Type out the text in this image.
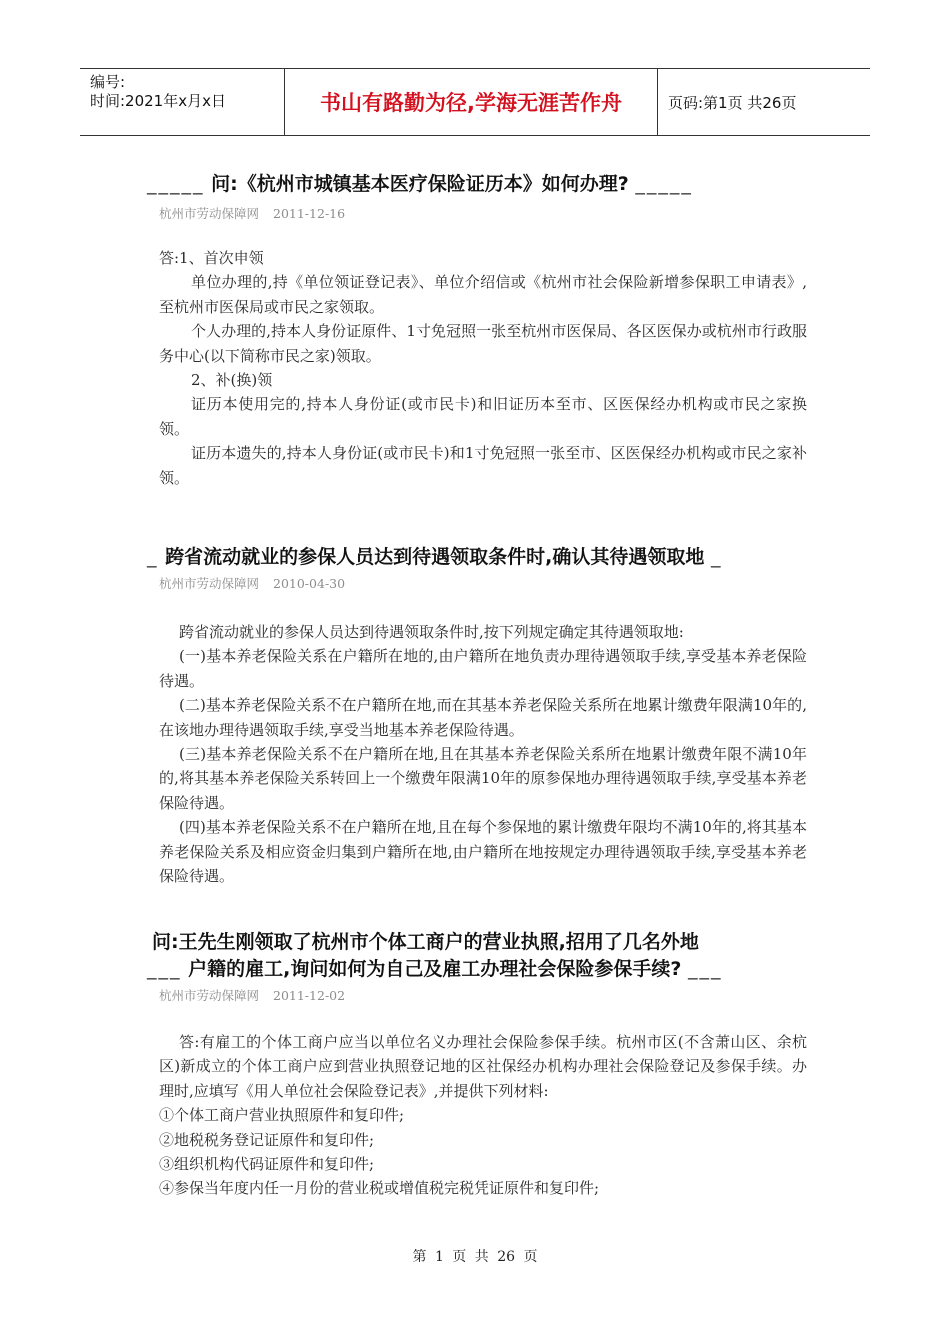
编号:
时间:2021年x月x日	书山有路勤为径,学海无涯苦作舟	页码:第1页 共26页
_____ 问:《杭州市城镇基本医疗保险证历本》如何办理? _____
杭州市劳动保障网 2011-12-16

答:1、首次申领

单位办理的,持《单位领证登记表》、单位介绍信或《杭州市社会保险新增参保职工申请表》,至杭州市医保局或市民之家领取。

个人办理的,持本人身份证原件、1寸免冠照一张至杭州市医保局、各区医保办或杭州市行政服务中心(以下简称市民之家)领取。

2、补(换)领

证历本使用完的,持本人身份证(或市民卡)和旧证历本至市、区医保经办机构或市民之家换领。

证历本遗失的,持本人身份证(或市民卡)和1寸免冠照一张至市、区医保经办机构或市民之家补领。

_ 跨省流动就业的参保人员达到待遇领取条件时,确认其待遇领取地 _
杭州市劳动保障网 2010-04-30

跨省流动就业的参保人员达到待遇领取条件时,按下列规定确定其待遇领取地:

(一)基本养老保险关系在户籍所在地的,由户籍所在地负责办理待遇领取手续,享受基本养老保险待遇。

(二)基本养老保险关系不在户籍所在地,而在其基本养老保险关系所在地累计缴费年限满10年的,在该地办理待遇领取手续,享受当地基本养老保险待遇。

(三)基本养老保险关系不在户籍所在地,且在其基本养老保险关系所在地累计缴费年限不满10年的,将其基本养老保险关系转回上一个缴费年限满10年的原参保地办理待遇领取手续,享受基本养老保险待遇。

(四)基本养老保险关系不在户籍所在地,且在每个参保地的累计缴费年限均不满10年的,将其基本养老保险关系及相应资金归集到户籍所在地,由户籍所在地按规定办理待遇领取手续,享受基本养老保险待遇。

问:王先生刚领取了杭州市个体工商户的营业执照,招用了几名外地
___ 户籍的雇工,询问如何为自己及雇工办理社会保险参保手续? ___
杭州市劳动保障网 2011-12-02

答:有雇工的个体工商户应当以单位名义办理社会保险参保手续。杭州市区(不含萧山区、余杭区)新成立的个体工商户应到营业执照登记地的区社保经办机构办理社会保险登记及参保手续。办理时,应填写《用人单位社会保险登记表》,并提供下列材料:

①个体工商户营业执照原件和复印件;

②地税税务登记证原件和复印件;

③组织机构代码证原件和复印件;

④参保当年度内任一月份的营业税或增值税完税凭证原件和复印件;

第 1 页 共 26 页
